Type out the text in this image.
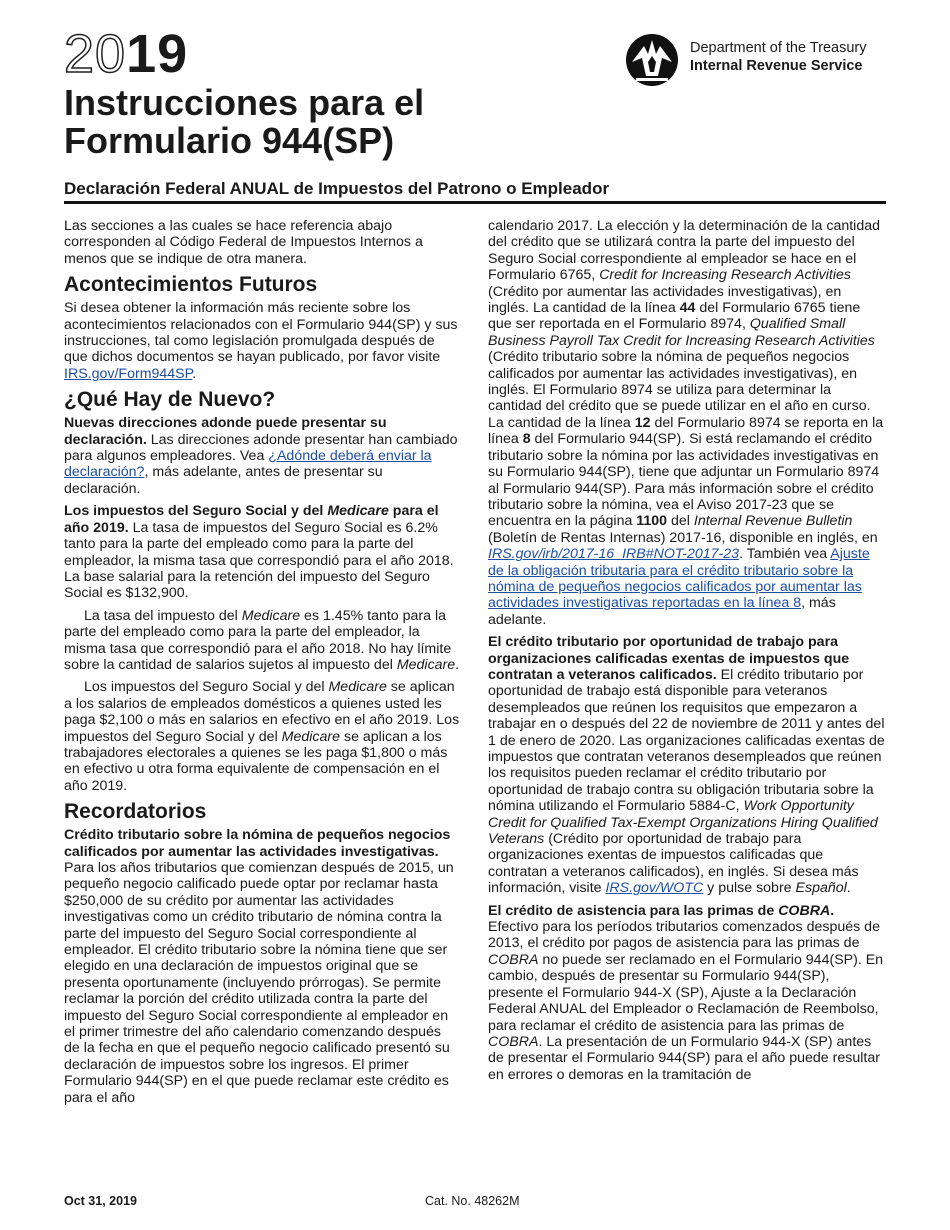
2019
Instrucciones para el Formulario 944(SP)
Department of the Treasury
Internal Revenue Service
Declaración Federal ANUAL de Impuestos del Patrono o Empleador

Las secciones a las cuales se hace referencia abajo corresponden al Código Federal de Impuestos Internos a menos que se indique de otra manera.

Acontecimientos Futuros

Si desea obtener la información más reciente sobre los acontecimientos relacionados con el Formulario 944(SP) y sus instrucciones, tal como legislación promulgada después de que dichos documentos se hayan publicado, por favor visite IRS.gov/Form944SP.

¿Qué Hay de Nuevo?

Nuevas direcciones adonde puede presentar su declaración. Las direcciones adonde presentar han cambiado para algunos empleadores. Vea ¿Adónde deberá enviar la declaración?, más adelante, antes de presentar su declaración.

Los impuestos del Seguro Social y del Medicare para el año 2019. La tasa de impuestos del Seguro Social es 6.2% tanto para la parte del empleado como para la parte del empleador, la misma tasa que correspondió para el año 2018. La base salarial para la retención del impuesto del Seguro Social es $132,900.

La tasa del impuesto del Medicare es 1.45% tanto para la parte del empleado como para la parte del empleador, la misma tasa que correspondió para el año 2018. No hay límite sobre la cantidad de salarios sujetos al impuesto del Medicare.

Los impuestos del Seguro Social y del Medicare se aplican a los salarios de empleados domésticos a quienes usted les paga $2,100 o más en salarios en efectivo en el año 2019. Los impuestos del Seguro Social y del Medicare se aplican a los trabajadores electorales a quienes se les paga $1,800 o más en efectivo u otra forma equivalente de compensación en el año 2019.

Recordatorios

Crédito tributario sobre la nómina de pequeños negocios calificados por aumentar las actividades investigativas. Para los años tributarios que comienzan después de 2015, un pequeño negocio calificado puede optar por reclamar hasta $250,000 de su crédito por aumentar las actividades investigativas como un crédito tributario de nómina contra la parte del impuesto del Seguro Social correspondiente al empleador. El crédito tributario sobre la nómina tiene que ser elegido en una declaración de impuestos original que se presenta oportunamente (incluyendo prórrogas). Se permite reclamar la porción del crédito utilizada contra la parte del impuesto del Seguro Social correspondiente al empleador en el primer trimestre del año calendario comenzando después de la fecha en que el pequeño negocio calificado presentó su declaración de impuestos sobre los ingresos. El primer Formulario 944(SP) en el que puede reclamar este crédito es para el año

calendario 2017. La elección y la determinación de la cantidad del crédito que se utilizará contra la parte del impuesto del Seguro Social correspondiente al empleador se hace en el Formulario 6765, Credit for Increasing Research Activities (Crédito por aumentar las actividades investigativas), en inglés. La cantidad de la línea 44 del Formulario 6765 tiene que ser reportada en el Formulario 8974, Qualified Small Business Payroll Tax Credit for Increasing Research Activities (Crédito tributario sobre la nómina de pequeños negocios calificados por aumentar las actividades investigativas), en inglés. El Formulario 8974 se utiliza para determinar la cantidad del crédito que se puede utilizar en el año en curso. La cantidad de la línea 12 del Formulario 8974 se reporta en la línea 8 del Formulario 944(SP). Si está reclamando el crédito tributario sobre la nómina por las actividades investigativas en su Formulario 944(SP), tiene que adjuntar un Formulario 8974 al Formulario 944(SP). Para más información sobre el crédito tributario sobre la nómina, vea el Aviso 2017-23 que se encuentra en la página 1100 del Internal Revenue Bulletin (Boletín de Rentas Internas) 2017-16, disponible en inglés, en IRS.gov/irb/2017-16_IRB#NOT-2017-23. También vea Ajuste de la obligación tributaria para el crédito tributario sobre la nómina de pequeños negocios calificados por aumentar las actividades investigativas reportadas en la línea 8, más adelante.

El crédito tributario por oportunidad de trabajo para organizaciones calificadas exentas de impuestos que contratan a veteranos calificados. El crédito tributario por oportunidad de trabajo está disponible para veteranos desempleados que reúnen los requisitos que empezaron a trabajar en o después del 22 de noviembre de 2011 y antes del 1 de enero de 2020. Las organizaciones calificadas exentas de impuestos que contratan veteranos desempleados que reúnen los requisitos pueden reclamar el crédito tributario por oportunidad de trabajo contra su obligación tributaria sobre la nómina utilizando el Formulario 5884-C, Work Opportunity Credit for Qualified Tax-Exempt Organizations Hiring Qualified Veterans (Crédito por oportunidad de trabajo para organizaciones exentas de impuestos calificadas que contratan a veteranos calificados), en inglés. Si desea más información, visite IRS.gov/WOTC y pulse sobre Español.

El crédito de asistencia para las primas de COBRA. Efectivo para los períodos tributarios comenzados después de 2013, el crédito por pagos de asistencia para las primas de COBRA no puede ser reclamado en el Formulario 944(SP). En cambio, después de presentar su Formulario 944(SP), presente el Formulario 944-X (SP), Ajuste a la Declaración Federal ANUAL del Empleador o Reclamación de Reembolso, para reclamar el crédito de asistencia para las primas de COBRA. La presentación de un Formulario 944-X (SP) antes de presentar el Formulario 944(SP) para el año puede resultar en errores o demoras en la tramitación de

Oct 31, 2019	Cat. No. 48262M
